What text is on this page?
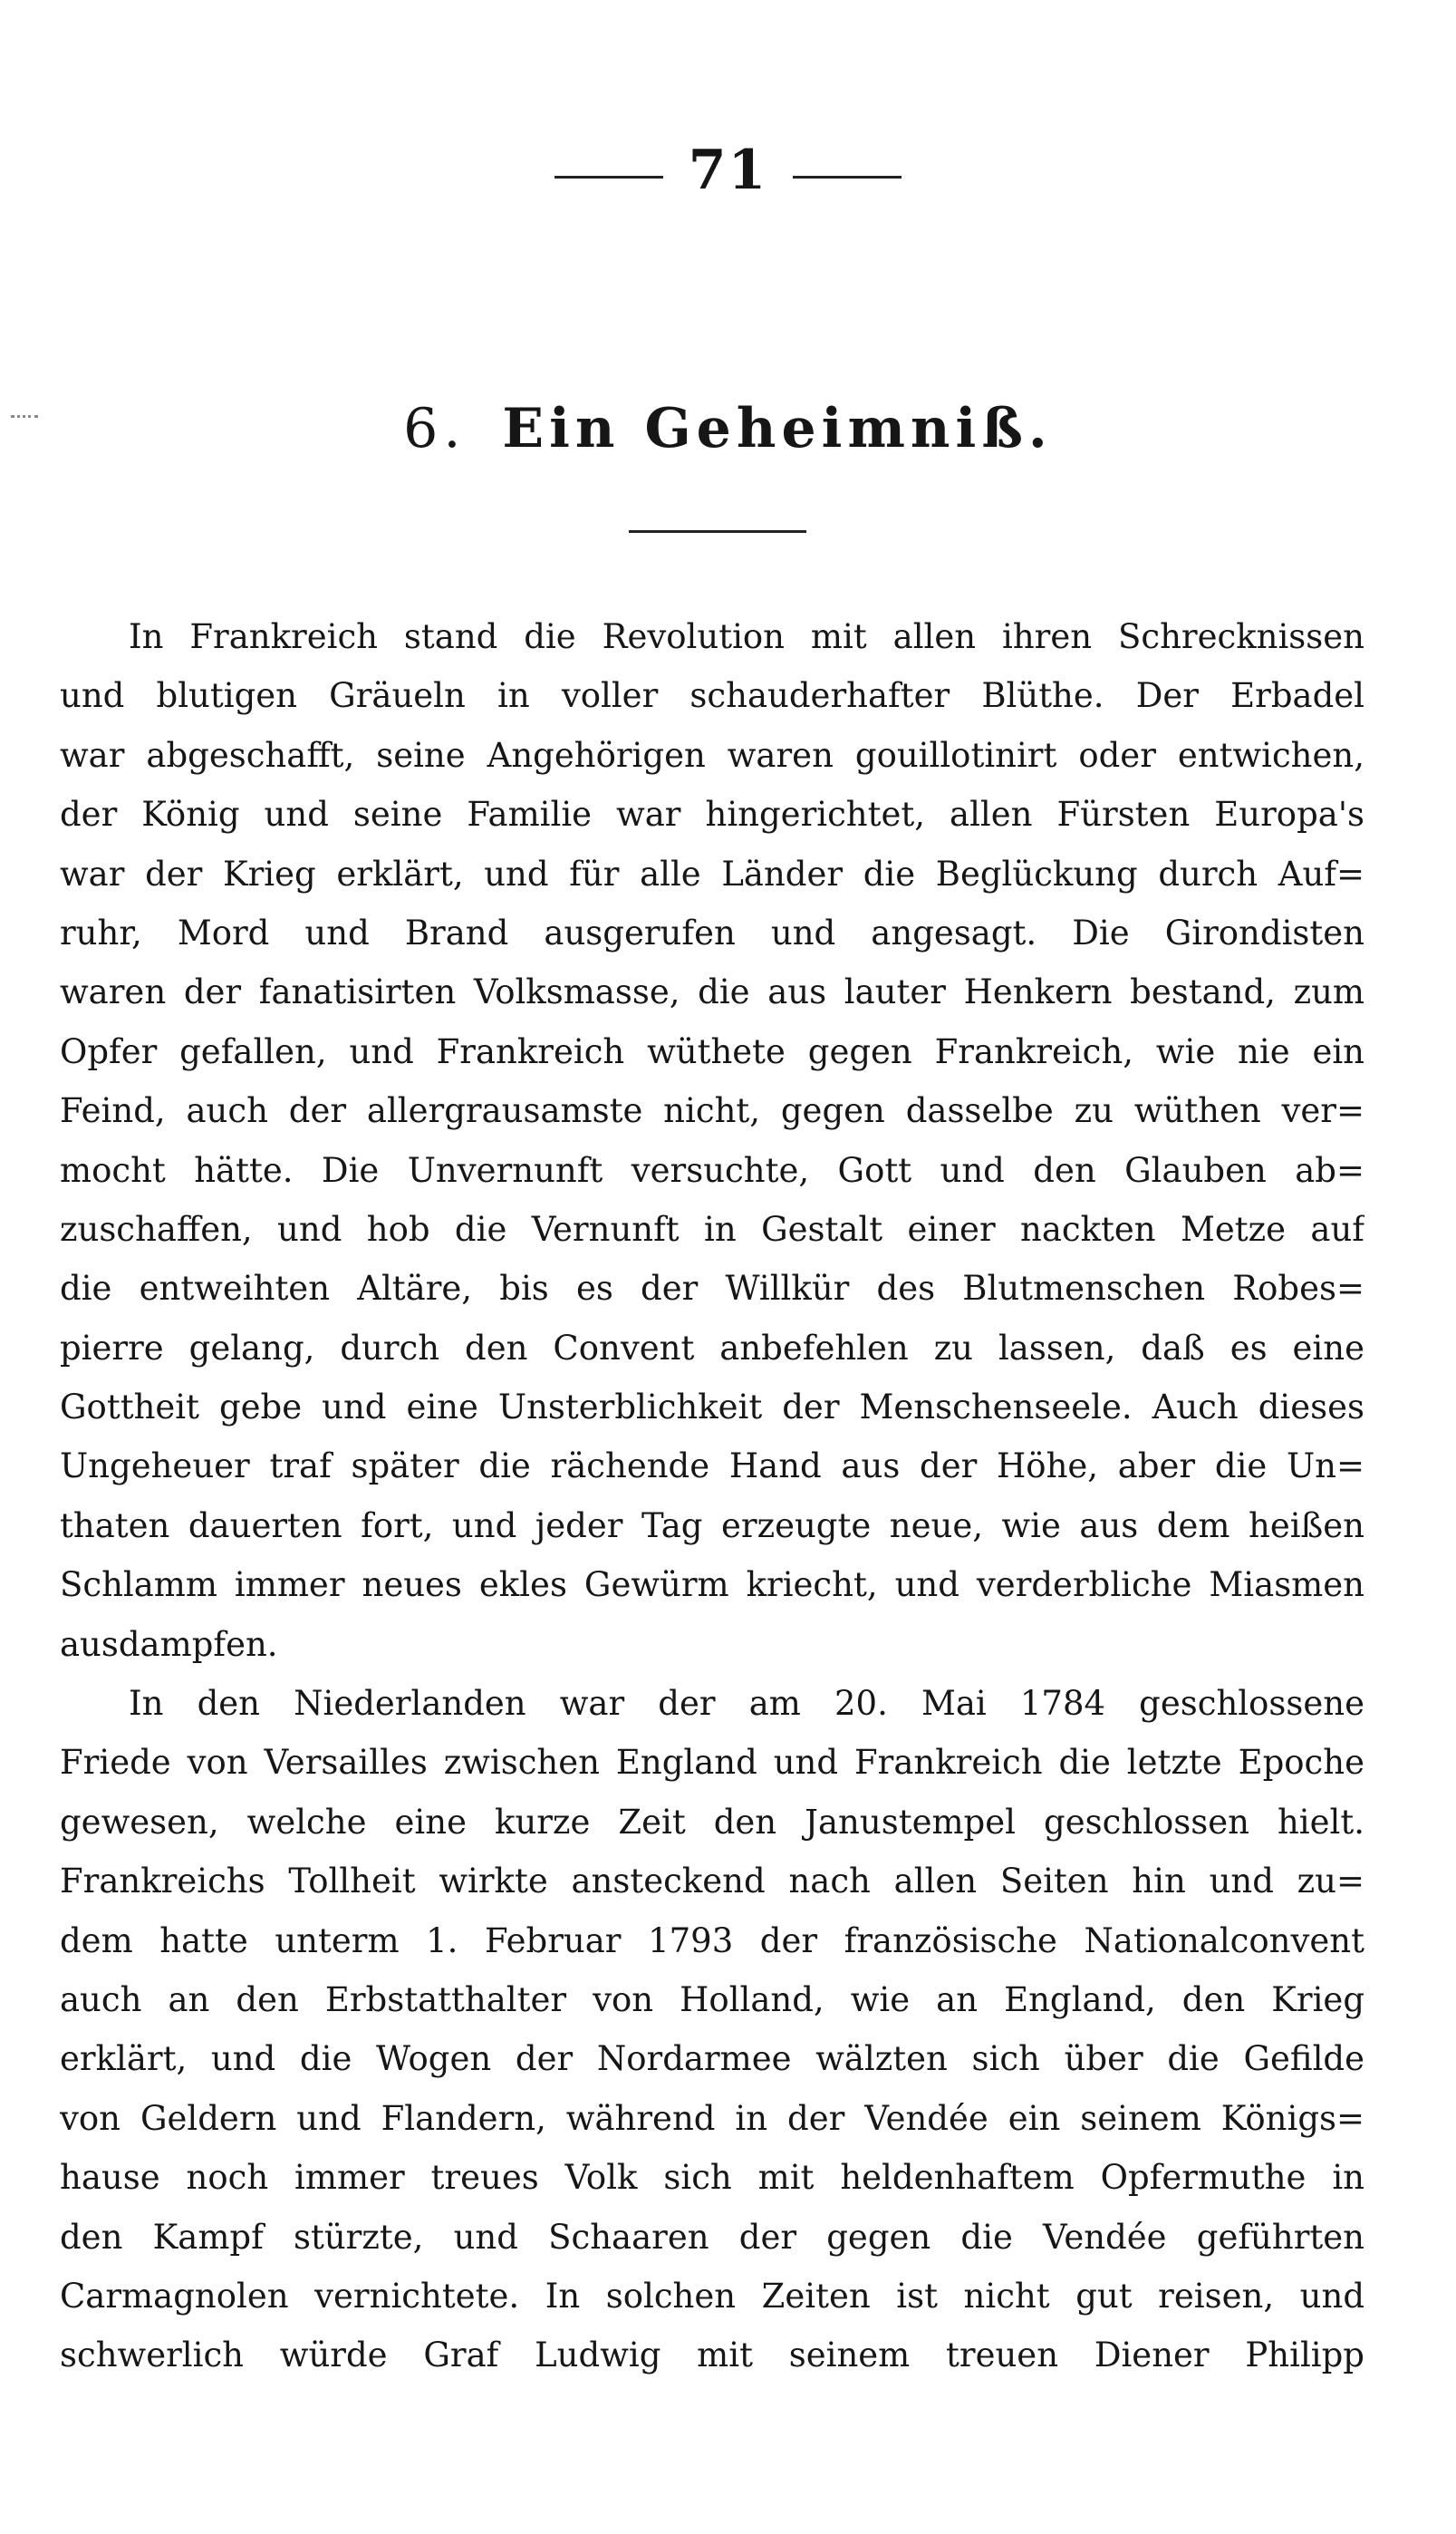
71
6. Ein Geheimniß.
In Frankreich stand die Revolution mit allen ihren Schrecknissen
und blutigen Gräueln in voller schauderhafter Blüthe. Der Erbadel
war abgeschafft, seine Angehörigen waren gouillotinirt oder entwichen,
der König und seine Familie war hingerichtet, allen Fürsten Europa's
war der Krieg erklärt, und für alle Länder die Beglückung durch Auf=
ruhr, Mord und Brand ausgerufen und angesagt. Die Girondisten
waren der fanatisirten Volksmasse, die aus lauter Henkern bestand, zum
Opfer gefallen, und Frankreich wüthete gegen Frankreich, wie nie ein
Feind, auch der allergrausamste nicht, gegen dasselbe zu wüthen ver=
mocht hätte. Die Unvernunft versuchte, Gott und den Glauben ab=
zuschaffen, und hob die Vernunft in Gestalt einer nackten Metze auf
die entweihten Altäre, bis es der Willkür des Blutmenschen Robes=
pierre gelang, durch den Convent anbefehlen zu lassen, daß es eine
Gottheit gebe und eine Unsterblichkeit der Menschenseele. Auch dieses
Ungeheuer traf später die rächende Hand aus der Höhe, aber die Un=
thaten dauerten fort, und jeder Tag erzeugte neue, wie aus dem heißen
Schlamm immer neues ekles Gewürm kriecht, und verderbliche Miasmen
ausdampfen.
In den Niederlanden war der am 20. Mai 1784 geschlossene
Friede von Versailles zwischen England und Frankreich die letzte Epoche
gewesen, welche eine kurze Zeit den Janustempel geschlossen hielt.
Frankreichs Tollheit wirkte ansteckend nach allen Seiten hin und zu=
dem hatte unterm 1. Februar 1793 der französische Nationalconvent
auch an den Erbstatthalter von Holland, wie an England, den Krieg
erklärt, und die Wogen der Nordarmee wälzten sich über die Gefilde
von Geldern und Flandern, während in der Vendée ein seinem Königs=
hause noch immer treues Volk sich mit heldenhaftem Opfermuthe in
den Kampf stürzte, und Schaaren der gegen die Vendée geführten
Carmagnolen vernichtete. In solchen Zeiten ist nicht gut reisen, und
schwerlich würde Graf Ludwig mit seinem treuen Diener Philipp
